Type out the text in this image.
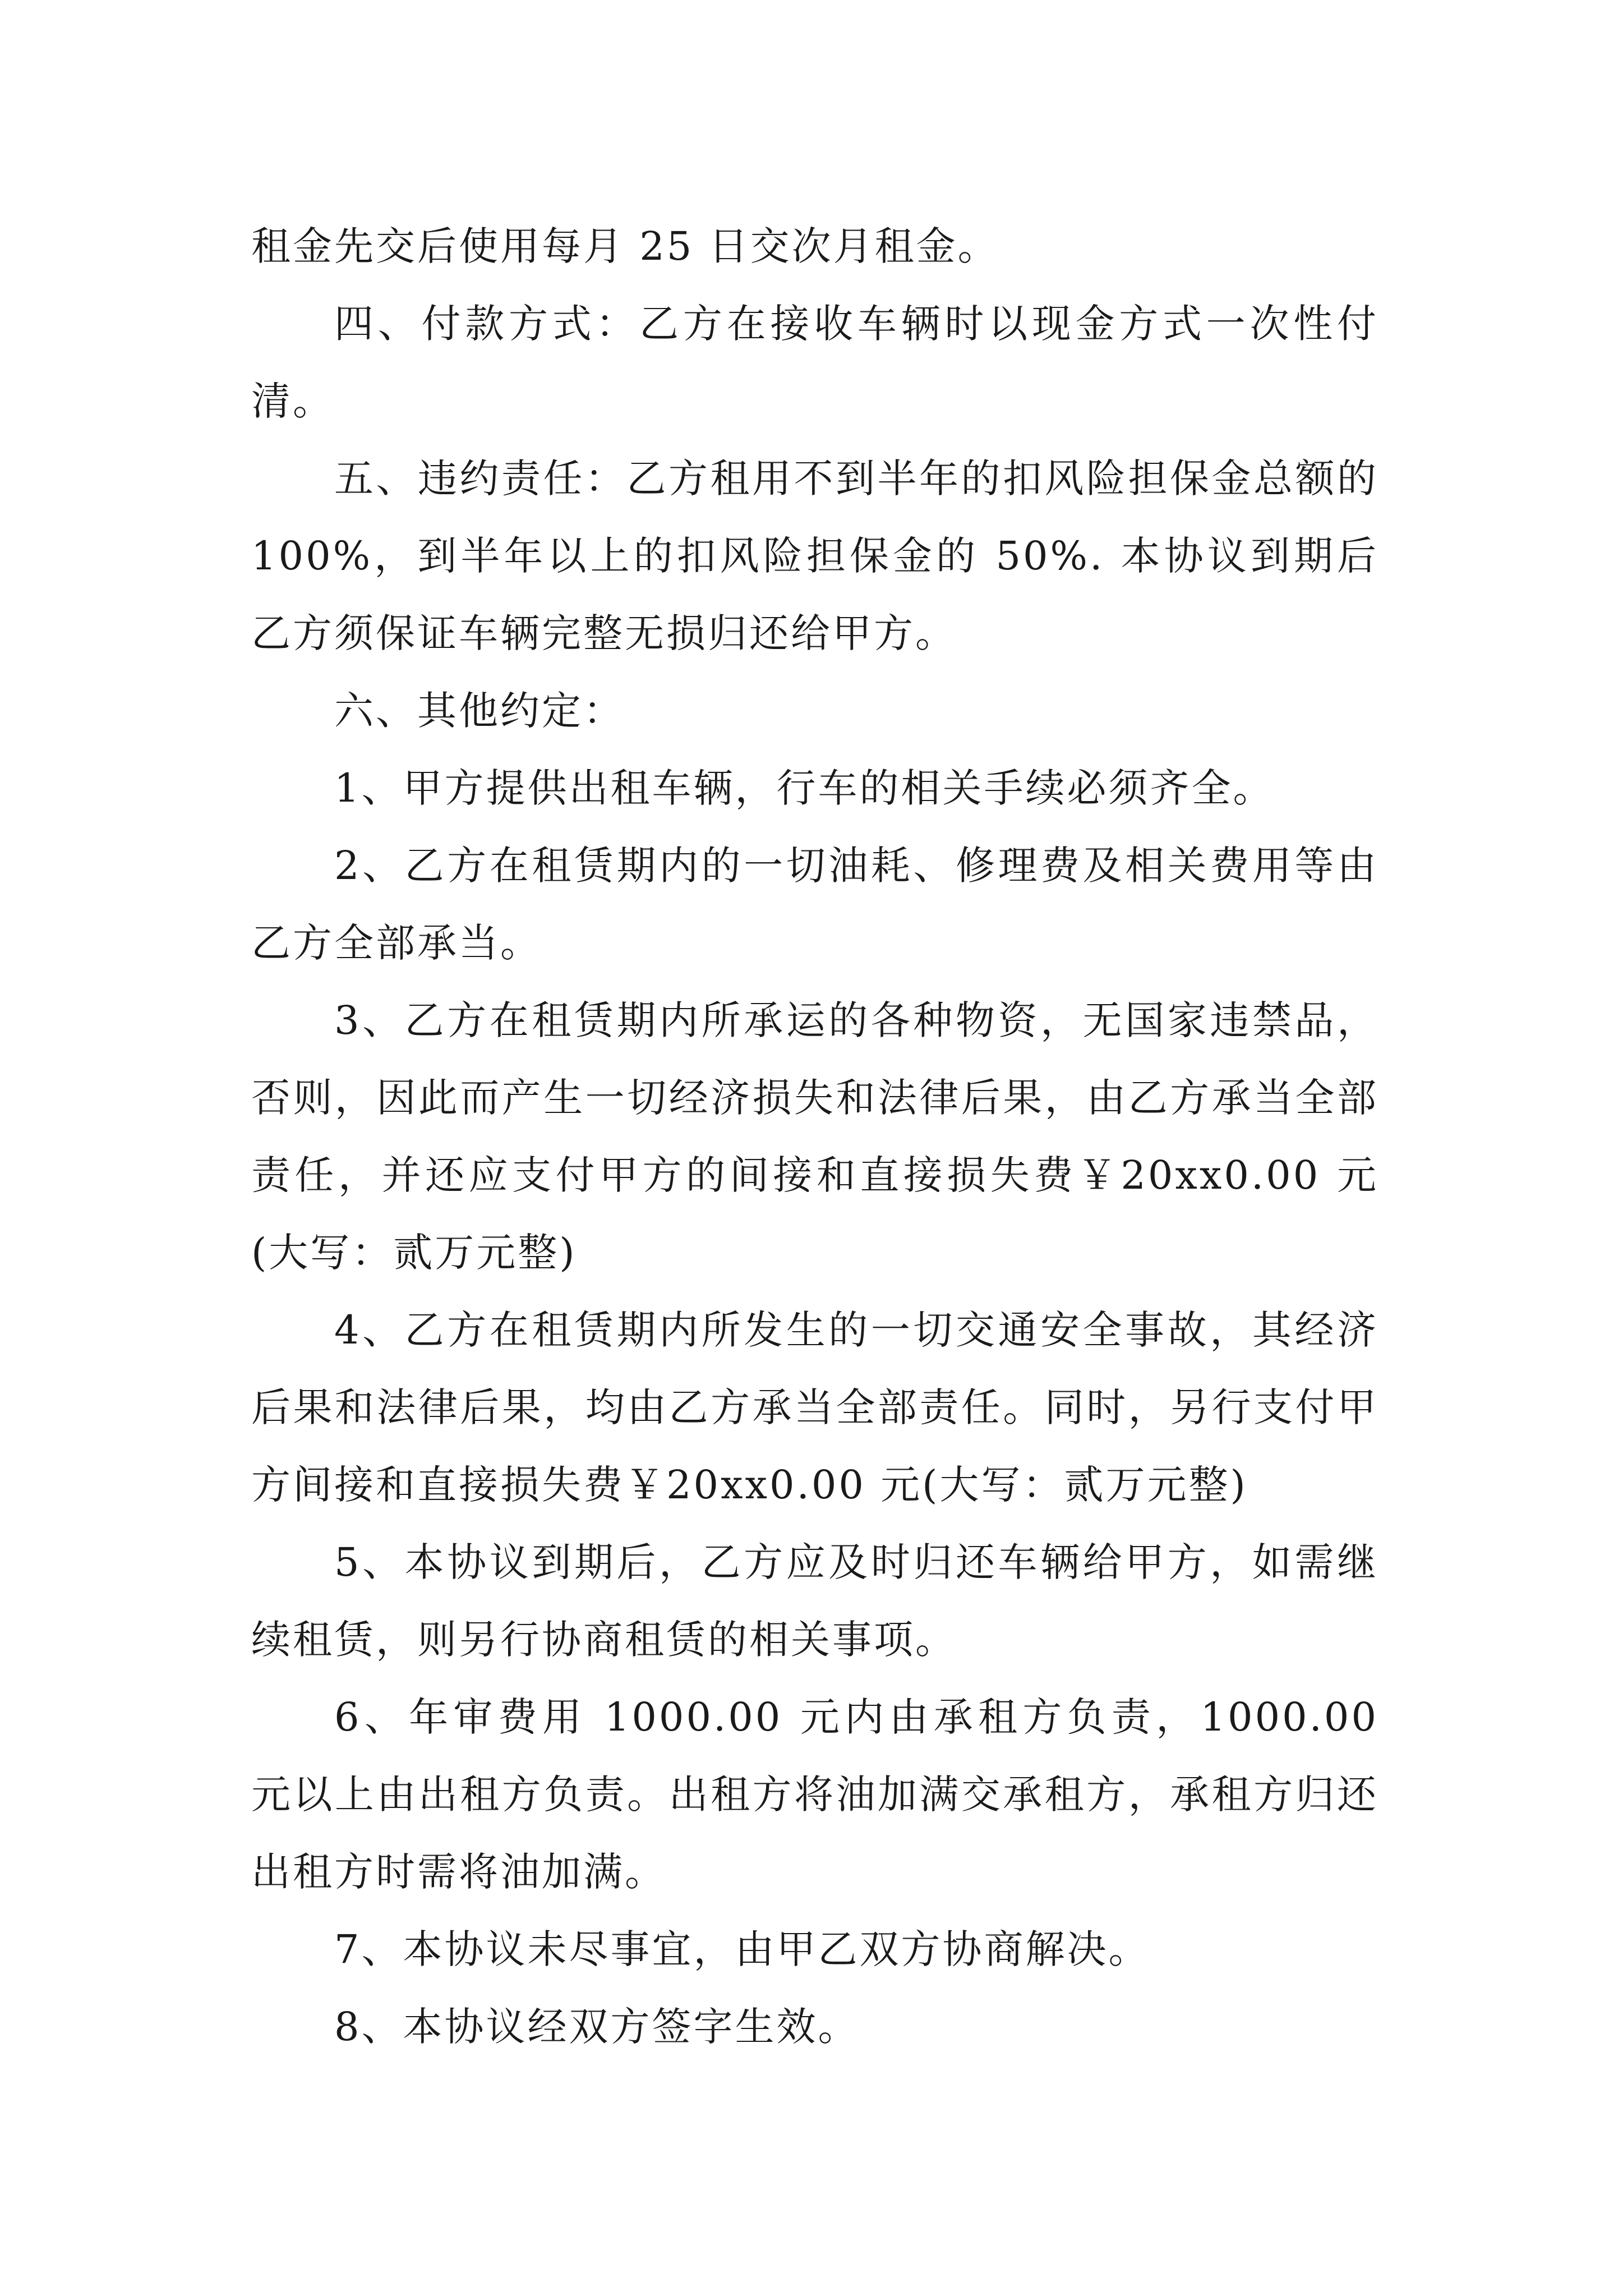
租金先交后使用每月 25 日交次月租金。

四、付款方式：乙方在接收车辆时以现金方式一次性付清。

五、违约责任：乙方租用不到半年的扣风险担保金总额的 100%，到半年以上的扣风险担保金的 50%. 本协议到期后乙方须保证车辆完整无损归还给甲方。

六、其他约定：

1、甲方提供出租车辆，行车的相关手续必须齐全。

2、乙方在租赁期内的一切油耗、修理费及相关费用等由乙方全部承当。

3、乙方在租赁期内所承运的各种物资，无国家违禁品，否则，因此而产生一切经济损失和法律后果，由乙方承当全部责任，并还应支付甲方的间接和直接损失费￥20xx0.00 元(大写：贰万元整)

4、乙方在租赁期内所发生的一切交通安全事故，其经济后果和法律后果，均由乙方承当全部责任。同时，另行支付甲方间接和直接损失费￥20xx0.00 元(大写：贰万元整)

5、本协议到期后，乙方应及时归还车辆给甲方，如需继续租赁，则另行协商租赁的相关事项。

6、年审费用 1000.00 元内由承租方负责，1000.00 元以上由出租方负责。出租方将油加满交承租方，承租方归还出租方时需将油加满。

7、本协议未尽事宜，由甲乙双方协商解决。

8、本协议经双方签字生效。
